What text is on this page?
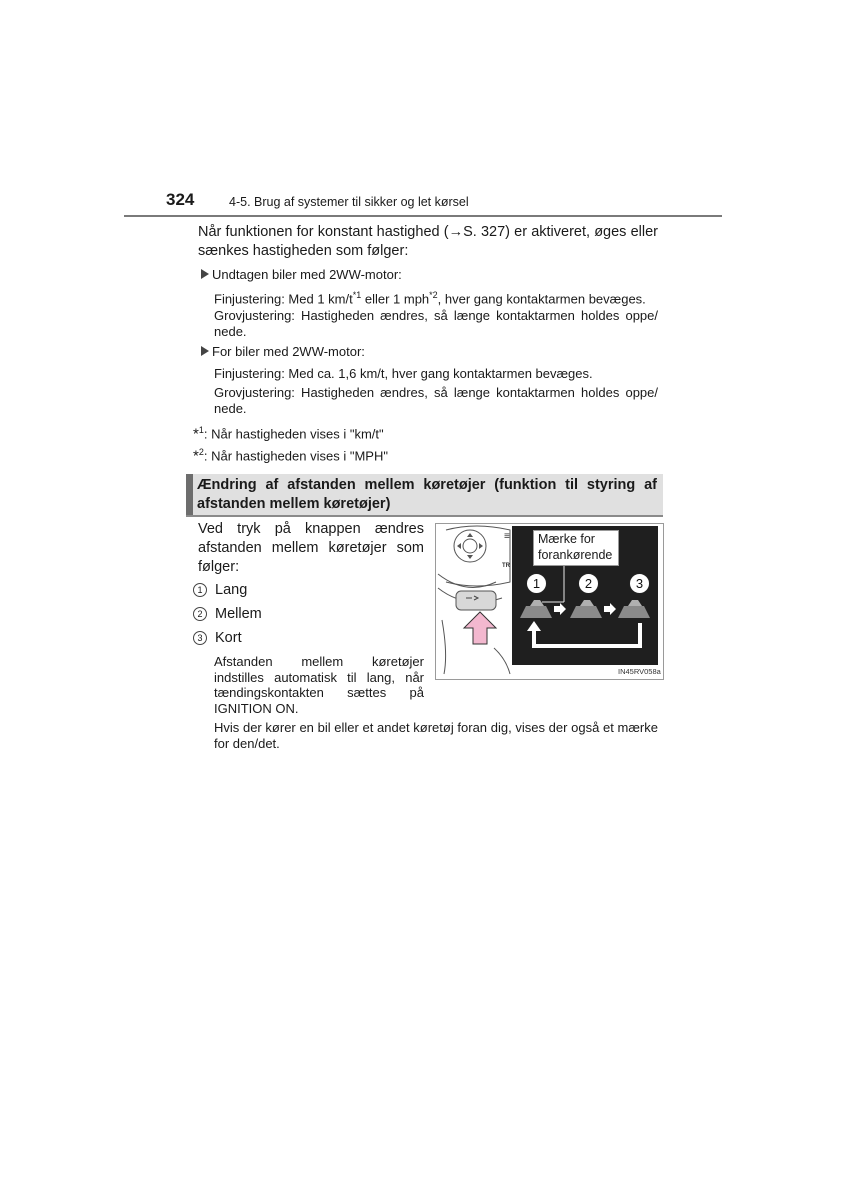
324	4-5. Brug af systemer til sikker og let kørsel
Når funktionen for konstant hastighed (→S. 327) er aktiveret, øges eller sænkes hastigheden som følger:
Undtagen biler med 2WW-motor:
Finjustering: Med 1 $km/t^{*1}$ eller 1 mph$^{*2}$, hver gang kontaktarmen bevæges.
Grovjustering: Hastigheden ændres, så længe kontaktarmen holdes oppe/ nede.
For biler med 2WW-motor:
Finjustering: Med ca. 1,6 km/t, hver gang kontaktarmen bevæges.
Grovjustering: Hastigheden ændres, så længe kontaktarmen holdes oppe/ nede.
*$^1$: Når hastigheden vises i "km/t"
*$^2$: Når hastigheden vises i "MPH"
Ændring af afstanden mellem køretøjer (funktion til styring af afstanden mellem køretøjer)
Ved tryk på knappen ændres afstanden mellem køretøjer som følger:
1 Lang
2 Mellem
3 Kort
Afstanden mellem køretøjer indstilles automatisk til lang, når tændingskontakten sættes på IGNITION ON.
Hvis der kører en bil eller et andet køretøj foran dig, vises der også et mærke for den/det.
≡
TR
Mærke for
forankørende
1	2	3
IN45RV058a
